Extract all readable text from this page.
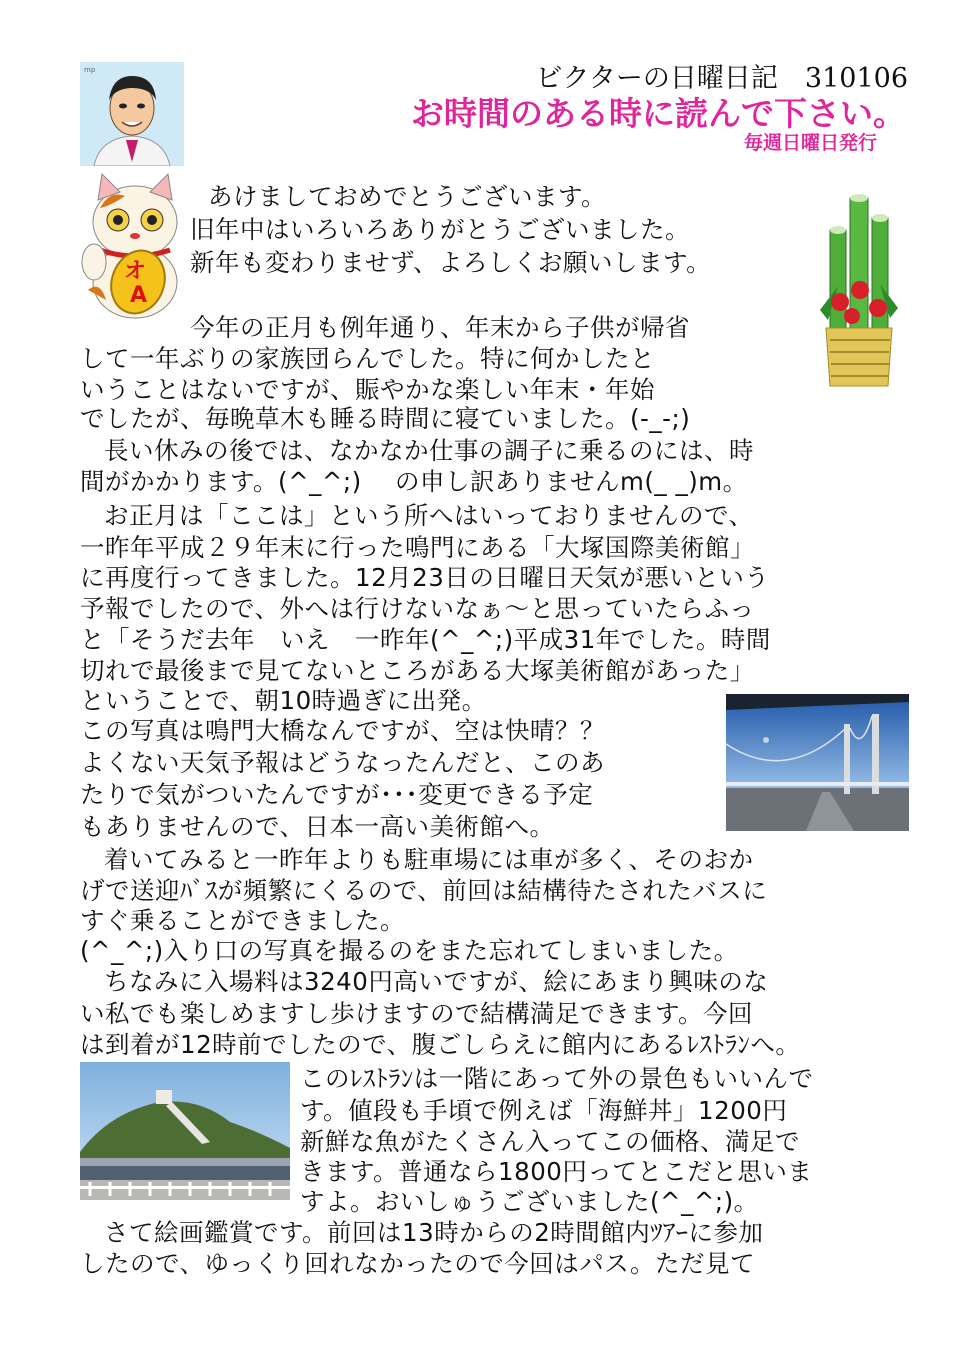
ビクターの日曜日記　310106
お時間のある時に読んで下さい。
毎週日曜日発行
mp
オ
A
あけましておめでとうございます。
旧年中はいろいろありがとうございました。
新年も変わりませず、よろしくお願いします。
今年の正月も例年通り、年末から子供が帰省
して一年ぶりの家族団らんでした。特に何かしたと
いうことはないですが、賑やかな楽しい年末・年始
でしたが、毎晩草木も睡る時間に寝ていました。(-_-;)
長い休みの後では、なかなか仕事の調子に乗るのには、時
間がかかります。(^_^;)　 の申し訳ありませんm(_ _)m。
お正月は「ここは」という所へはいっておりませんので、
一昨年平成２９年末に行った鳴門にある「大塚国際美術館」
に再度行ってきました。12月23日の日曜日天気が悪いという
予報でしたので、外へは行けないなぁ〜と思っていたらふっ
と「そうだ去年　いえ　一昨年(^_^;)平成31年でした。時間
切れで最後まで見てないところがある大塚美術館があった」
ということで、朝10時過ぎに出発。
この写真は鳴門大橋なんですが、空は快晴？？
よくない天気予報はどうなったんだと、このあ
たりで気がついたんですが･･･変更できる予定
もありませんので、日本一高い美術館へ。
着いてみると一昨年よりも駐車場には車が多く、そのおか
げで送迎ﾊﾞｽが頻繁にくるので、前回は結構待たされたバスに
すぐ乗ることができました。
(^_^;)入り口の写真を撮るのをまた忘れてしまいました。
ちなみに入場料は3240円高いですが、絵にあまり興味のな
い私でも楽しめますし歩けますので結構満足できます。今回
は到着が12時前でしたので、腹ごしらえに館内にあるﾚｽﾄﾗﾝへ。
このﾚｽﾄﾗﾝは一階にあって外の景色もいいんで
す。値段も手頃で例えば「海鮮丼」1200円
新鮮な魚がたくさん入ってこの価格、満足で
きます。普通なら1800円ってとこだと思いま
すよ。おいしゅうございました(^_^;)。
さて絵画鑑賞です。前回は13時からの2時間館内ﾂｱｰに参加
したので、ゆっくり回れなかったので今回はパス。ただ見て
